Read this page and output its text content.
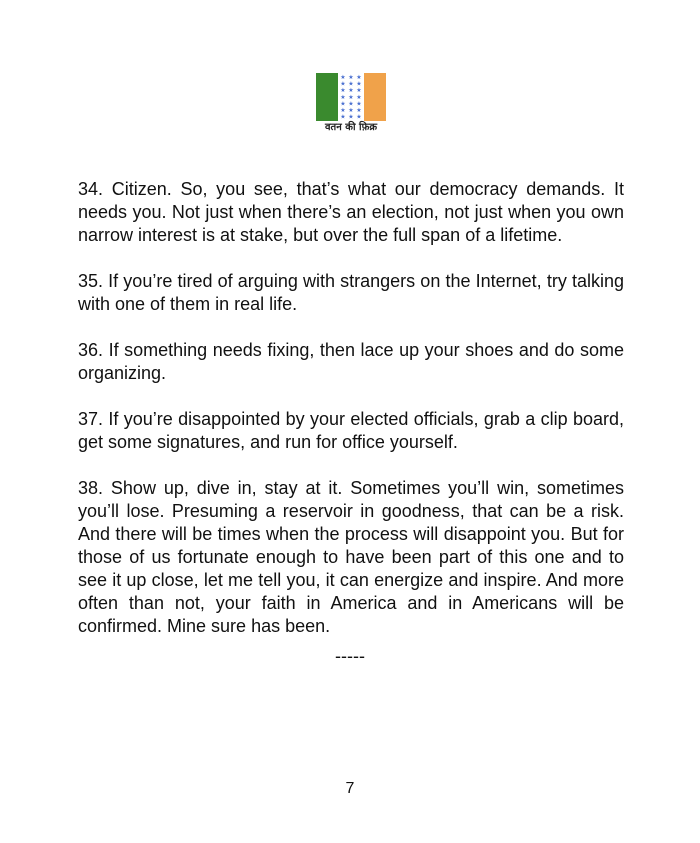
★ ★ ★
★ ★ ★
★ ★ ★
★ ★ ★
★ ★ ★
★ ★ ★
★ ★ ★
वतन की फ़िक्र

34. Citizen. So, you see, that’s what our democracy demands. It needs you. Not just when there’s an election, not just when you own narrow interest is at stake, but over the full span of a lifetime.

35. If you’re tired of arguing with strangers on the Internet, try talking with one of them in real life.

36. If something needs fixing, then lace up your shoes and do some organizing.

37. If you’re disappointed by your elected officials, grab a clip board, get some signatures, and run for office yourself.

38. Show up, dive in, stay at it. Sometimes you’ll win, sometimes you’ll lose. Presuming a reservoir in goodness, that can be a risk. And there will be times when the process will disappoint you. But for those of us fortunate enough to have been part of this one and to see it up close, let me tell you, it can energize and inspire. And more often than not, your faith in America and in Americans will be confirmed. Mine sure has been.

-----
7
